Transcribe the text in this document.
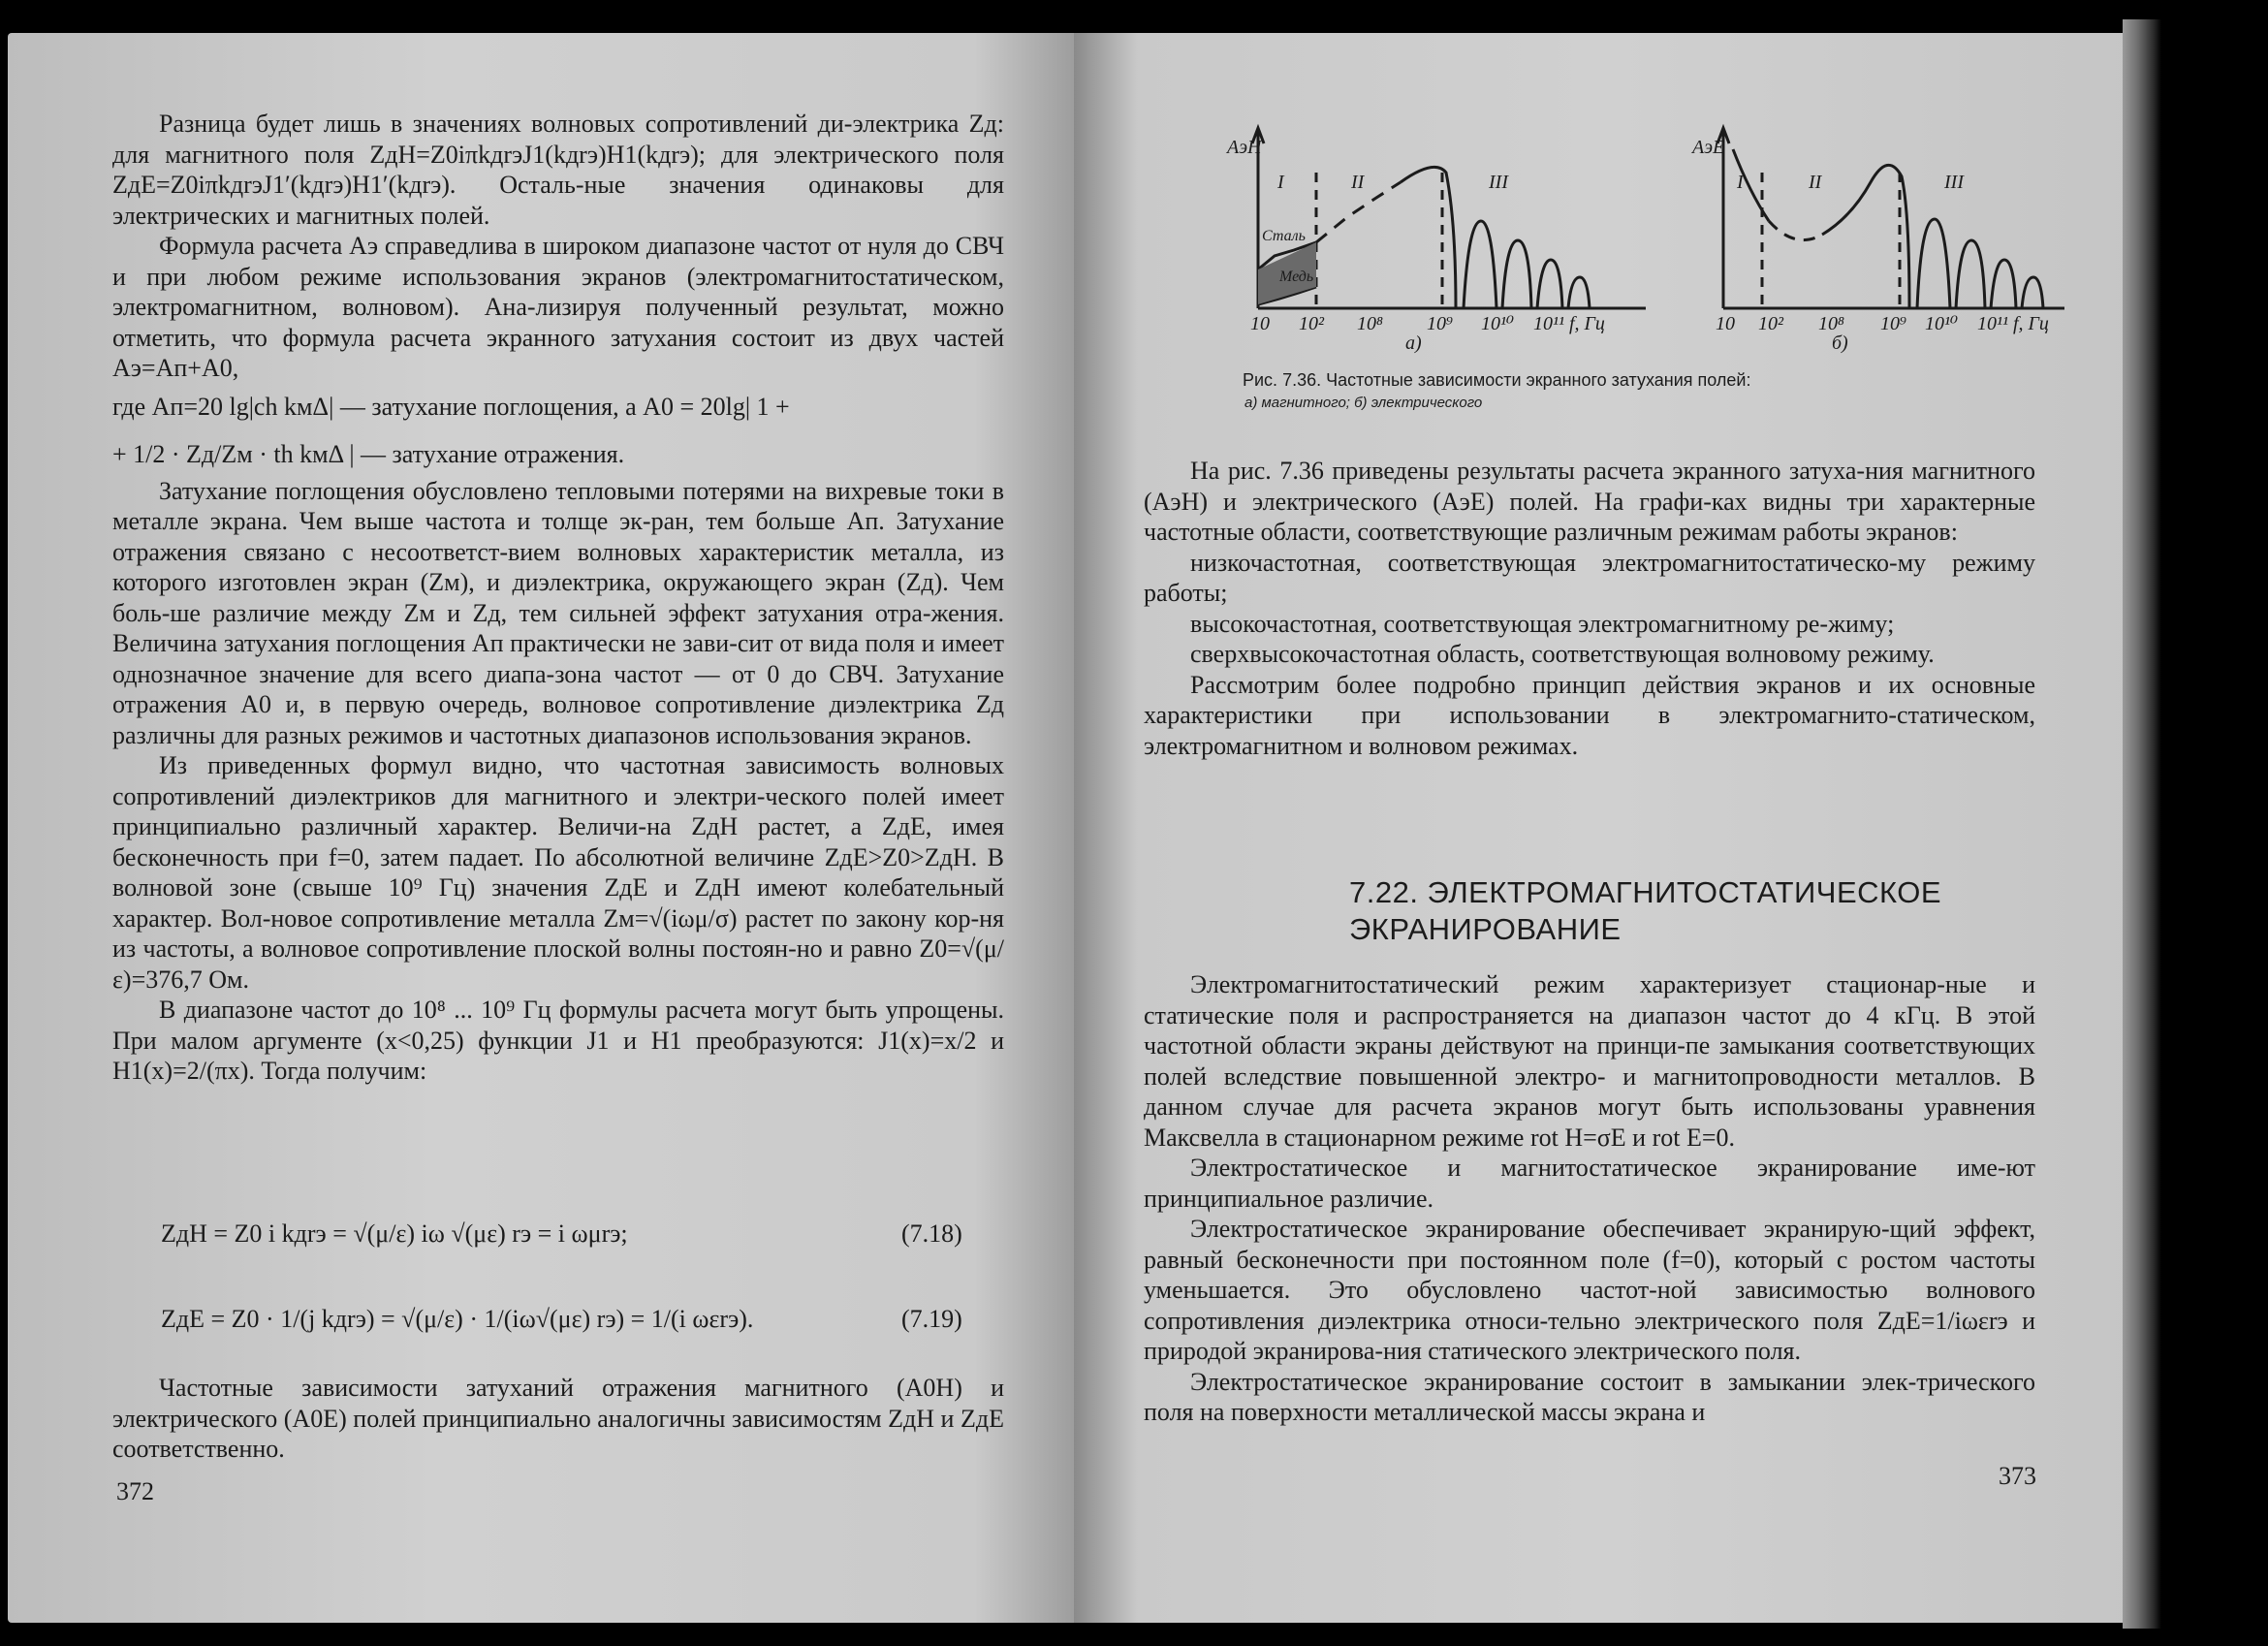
Разница будет лишь в значениях волновых сопротивлений ди-электрика Zд: для магнитного поля ZдH=Z0iπkдrэJ1(kдrэ)H1(kдrэ); для электрического поля ZдE=Z0iπkдrэJ1′(kдrэ)H1′(kдrэ). Осталь-ные значения одинаковы для электрических и магнитных полей.

Формула расчета Аэ справедлива в широком диапазоне частот от нуля до СВЧ и при любом режиме использования экранов (электромагнитостатическом, электромагнитном, волновом). Ана-лизируя полученный результат, можно отметить, что формула расчета экранного затухания состоит из двух частей Аэ=Ап+А0,

где Ап=20 lg|ch kмΔ| — затухание поглощения, а A0 = 20lg| 1 +

+ 1/2 · Zд/Zм · th kмΔ | — затухание отражения.

Затухание поглощения обусловлено тепловыми потерями на вихревые токи в металле экрана. Чем выше частота и толще эк-ран, тем больше Ап. Затухание отражения связано с несоответст-вием волновых характеристик металла, из которого изготовлен экран (Zм), и диэлектрика, окружающего экран (Zд). Чем боль-ше различие между Zм и Zд, тем сильней эффект затухания отра-жения. Величина затухания поглощения Ап практически не зави-сит от вида поля и имеет однозначное значение для всего диапа-зона частот — от 0 до СВЧ. Затухание отражения А0 и, в первую очередь, волновое сопротивление диэлектрика Zд различны для разных режимов и частотных диапазонов использования экранов.

Из приведенных формул видно, что частотная зависимость волновых сопротивлений диэлектриков для магнитного и электри-ческого полей имеет принципиально различный характер. Величи-на ZдH растет, а ZдE, имея бесконечность при f=0, затем падает. По абсолютной величине ZдE>Z0>ZдH. В волновой зоне (свыше 10⁹ Гц) значения ZдE и ZдH имеют колебательный характер. Вол-новое сопротивление металла Zм=√(iωμ/σ) растет по закону кор-ня из частоты, а волновое сопротивление плоской волны постоян-но и равно Z0=√(μ/ε)=376,7 Ом.

В диапазоне частот до 10⁸ ... 10⁹ Гц формулы расчета могут быть упрощены. При малом аргументе (x<0,25) функции J1 и H1 преобразуются: J1(x)=x/2 и H1(x)=2/(πx). Тогда получим:

ZдH = Z0 i kдrэ = √(μ/ε) iω √(με) rэ = i ωμrэ;	(7.18)
ZдE = Z0 · 1/(j kдrэ) = √(μ/ε) · 1/(iω√(με) rэ) = 1/(i ωεrэ).	(7.19)

Частотные зависимости затуханий отражения магнитного (A0H) и электрического (A0E) полей принципиально аналогичны зависимостям ZдH и ZдE соответственно.

372
AэH
I	II	III
Сталь
Медь
10 10² 10⁸ 10⁹ 10¹⁰ 10¹¹ f, Гц
а)
AэE
I	II	III
10 10² 10⁸ 10⁹ 10¹⁰ 10¹¹ f, Гц
б)
Рис. 7.36. Частотные зависимости экранного затухания полей:
а) магнитного; б) электрического

На рис. 7.36 приведены результаты расчета экранного затуха-ния магнитного (АэH) и электрического (АэE) полей. На графи-ках видны три характерные частотные области, соответствующие различным режимам работы экранов:

низкочастотная, соответствующая электромагнитостатическо-му режиму работы;

высокочастотная, соответствующая электромагнитному ре-жиму;

сверхвысокочастотная область, соответствующая волновому режиму.

Рассмотрим более подробно принцип действия экранов и их основные характеристики при использовании в электромагнито-статическом, электромагнитном и волновом режимах.

7.22. ЭЛЕКТРОМАГНИТОСТАТИЧЕСКОЕ
ЭКРАНИРОВАНИЕ

Электромагнитостатический режим характеризует стационар-ные и статические поля и распространяется на диапазон частот до 4 кГц. В этой частотной области экраны действуют на принци-пе замыкания соответствующих полей вследствие повышенной электро- и магнитопроводности металлов. В данном случае для расчета экранов могут быть использованы уравнения Максвелла в стационарном режиме rot H=σE и rot E=0.

Электростатическое и магнитостатическое экранирование име-ют принципиальное различие.

Электростатическое экранирование обеспечивает экранирую-щий эффект, равный бесконечности при постоянном поле (f=0), который с ростом частоты уменьшается. Это обусловлено частот-ной зависимостью волнового сопротивления диэлектрика относи-тельно электрического поля ZдE=1/iωεrэ и природой экранирова-ния статического электрического поля.

Электростатическое экранирование состоит в замыкании элек-трического поля на поверхности металлической массы экрана и

373
